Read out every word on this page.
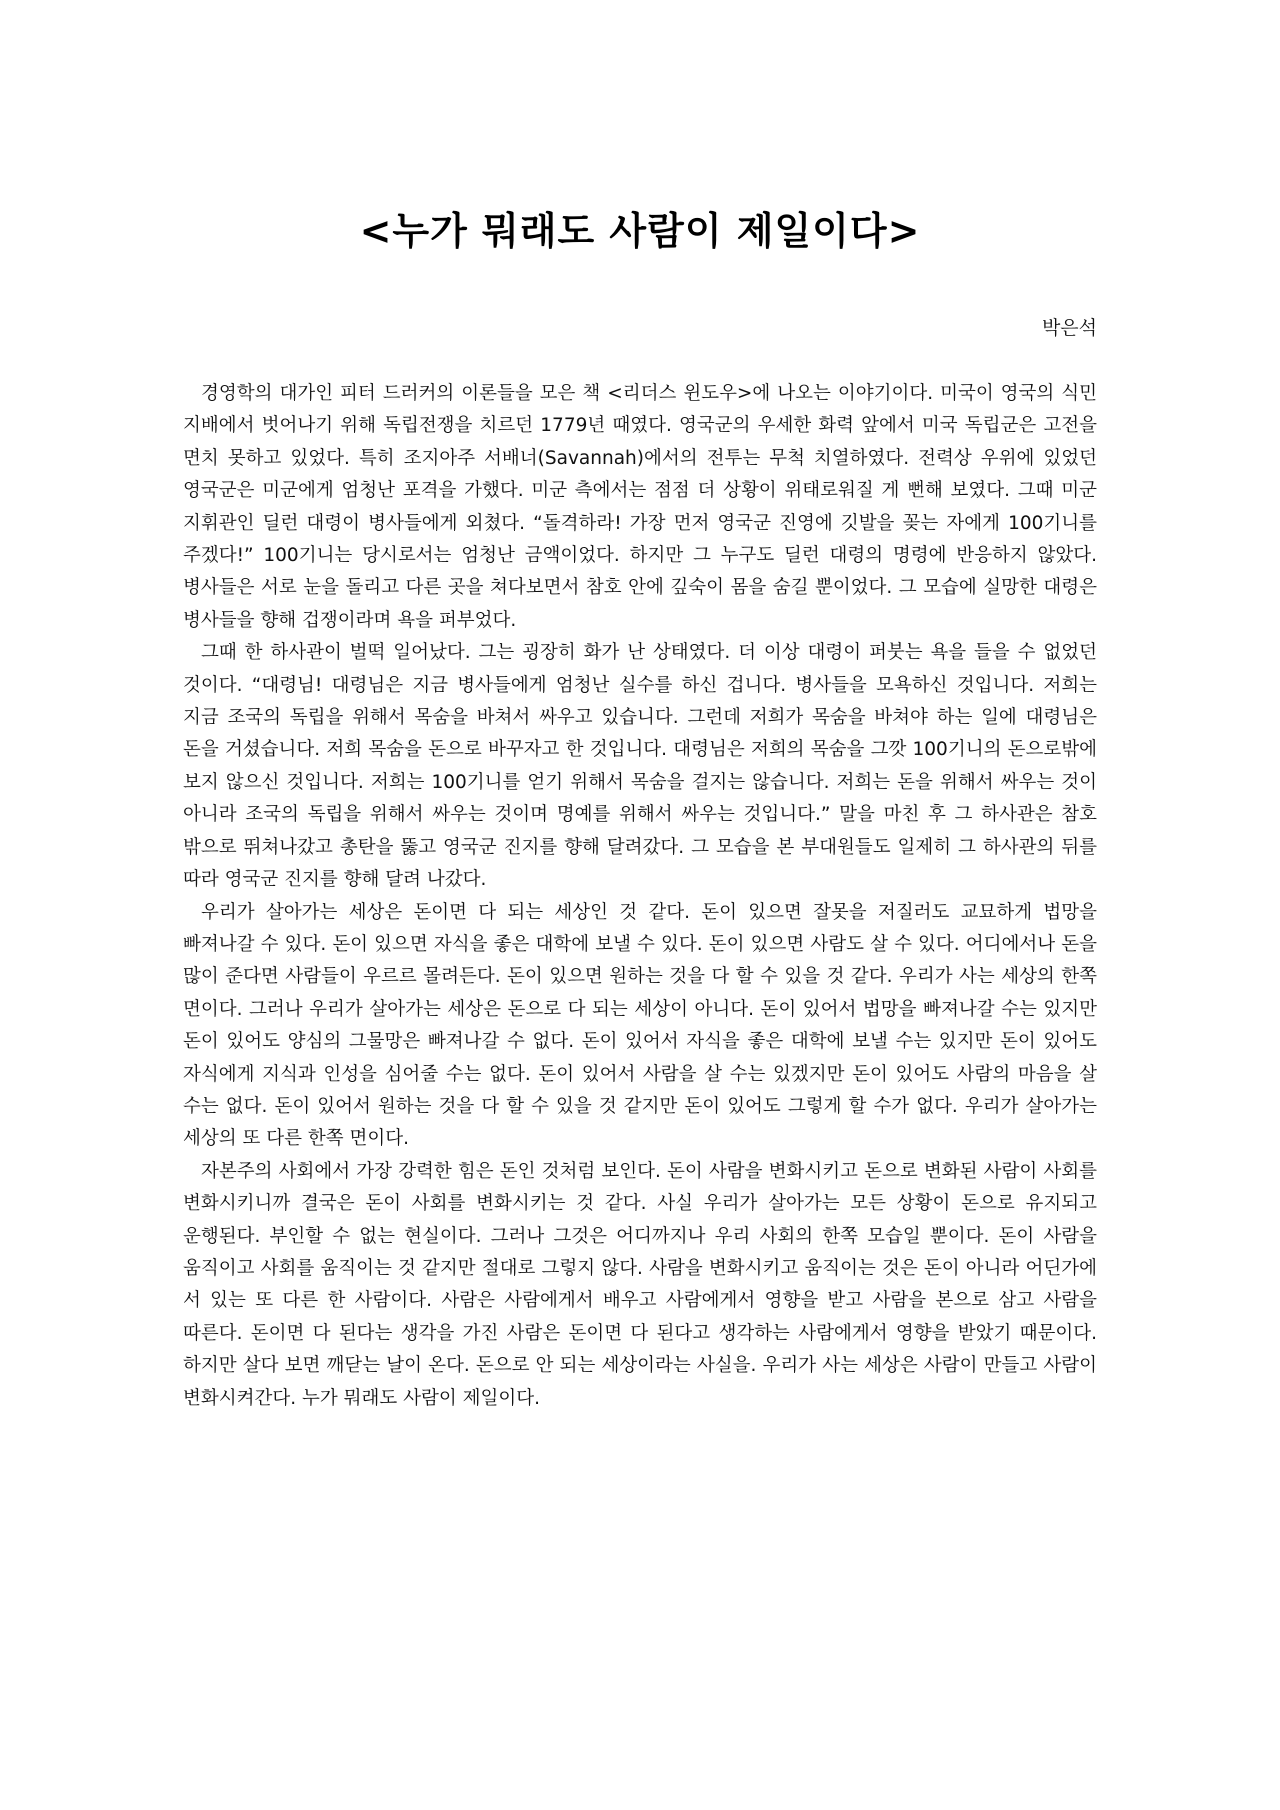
<누가 뭐래도 사람이 제일이다>
박은석

경영학의 대가인 피터 드러커의 이론들을 모은 책 <리더스 윈도우>에 나오는 이야기이다. 미국이 영국의 식민 지배에서 벗어나기 위해 독립전쟁을 치르던 1779년 때였다. 영국군의 우세한 화력 앞에서 미국 독립군은 고전을 면치 못하고 있었다. 특히 조지아주 서배너(Savannah)에서의 전투는 무척 치열하였다. 전력상 우위에 있었던 영국군은 미군에게 엄청난 포격을 가했다. 미군 측에서는 점점 더 상황이 위태로워질 게 뻔해 보였다. 그때 미군 지휘관인 딜런 대령이 병사들에게 외쳤다. “돌격하라! 가장 먼저 영국군 진영에 깃발을 꽂는 자에게 100기니를 주겠다!” 100기니는 당시로서는 엄청난 금액이었다. 하지만 그 누구도 딜런 대령의 명령에 반응하지 않았다. 병사들은 서로 눈을 돌리고 다른 곳을 쳐다보면서 참호 안에 깊숙이 몸을 숨길 뿐이었다. 그 모습에 실망한 대령은 병사들을 향해 겁쟁이라며 욕을 퍼부었다.

그때 한 하사관이 벌떡 일어났다. 그는 굉장히 화가 난 상태였다. 더 이상 대령이 퍼붓는 욕을 들을 수 없었던 것이다. “대령님! 대령님은 지금 병사들에게 엄청난 실수를 하신 겁니다. 병사들을 모욕하신 것입니다. 저희는 지금 조국의 독립을 위해서 목숨을 바쳐서 싸우고 있습니다. 그런데 저희가 목숨을 바쳐야 하는 일에 대령님은 돈을 거셨습니다. 저희 목숨을 돈으로 바꾸자고 한 것입니다. 대령님은 저희의 목숨을 그깟 100기니의 돈으로밖에 보지 않으신 것입니다. 저희는 100기니를 얻기 위해서 목숨을 걸지는 않습니다. 저희는 돈을 위해서 싸우는 것이 아니라 조국의 독립을 위해서 싸우는 것이며 명예를 위해서 싸우는 것입니다.” 말을 마친 후 그 하사관은 참호 밖으로 뛰쳐나갔고 총탄을 뚫고 영국군 진지를 향해 달려갔다. 그 모습을 본 부대원들도 일제히 그 하사관의 뒤를 따라 영국군 진지를 향해 달려 나갔다.

우리가 살아가는 세상은 돈이면 다 되는 세상인 것 같다. 돈이 있으면 잘못을 저질러도 교묘하게 법망을 빠져나갈 수 있다. 돈이 있으면 자식을 좋은 대학에 보낼 수 있다. 돈이 있으면 사람도 살 수 있다. 어디에서나 돈을 많이 준다면 사람들이 우르르 몰려든다. 돈이 있으면 원하는 것을 다 할 수 있을 것 같다. 우리가 사는 세상의 한쪽 면이다. 그러나 우리가 살아가는 세상은 돈으로 다 되는 세상이 아니다. 돈이 있어서 법망을 빠져나갈 수는 있지만 돈이 있어도 양심의 그물망은 빠져나갈 수 없다. 돈이 있어서 자식을 좋은 대학에 보낼 수는 있지만 돈이 있어도 자식에게 지식과 인성을 심어줄 수는 없다. 돈이 있어서 사람을 살 수는 있겠지만 돈이 있어도 사람의 마음을 살 수는 없다. 돈이 있어서 원하는 것을 다 할 수 있을 것 같지만 돈이 있어도 그렇게 할 수가 없다. 우리가 살아가는 세상의 또 다른 한쪽 면이다.

자본주의 사회에서 가장 강력한 힘은 돈인 것처럼 보인다. 돈이 사람을 변화시키고 돈으로 변화된 사람이 사회를 변화시키니까 결국은 돈이 사회를 변화시키는 것 같다. 사실 우리가 살아가는 모든 상황이 돈으로 유지되고 운행된다. 부인할 수 없는 현실이다. 그러나 그것은 어디까지나 우리 사회의 한쪽 모습일 뿐이다. 돈이 사람을 움직이고 사회를 움직이는 것 같지만 절대로 그렇지 않다. 사람을 변화시키고 움직이는 것은 돈이 아니라 어딘가에 서 있는 또 다른 한 사람이다. 사람은 사람에게서 배우고 사람에게서 영향을 받고 사람을 본으로 삼고 사람을 따른다. 돈이면 다 된다는 생각을 가진 사람은 돈이면 다 된다고 생각하는 사람에게서 영향을 받았기 때문이다. 하지만 살다 보면 깨닫는 날이 온다. 돈으로 안 되는 세상이라는 사실을. 우리가 사는 세상은 사람이 만들고 사람이 변화시켜간다. 누가 뭐래도 사람이 제일이다.
